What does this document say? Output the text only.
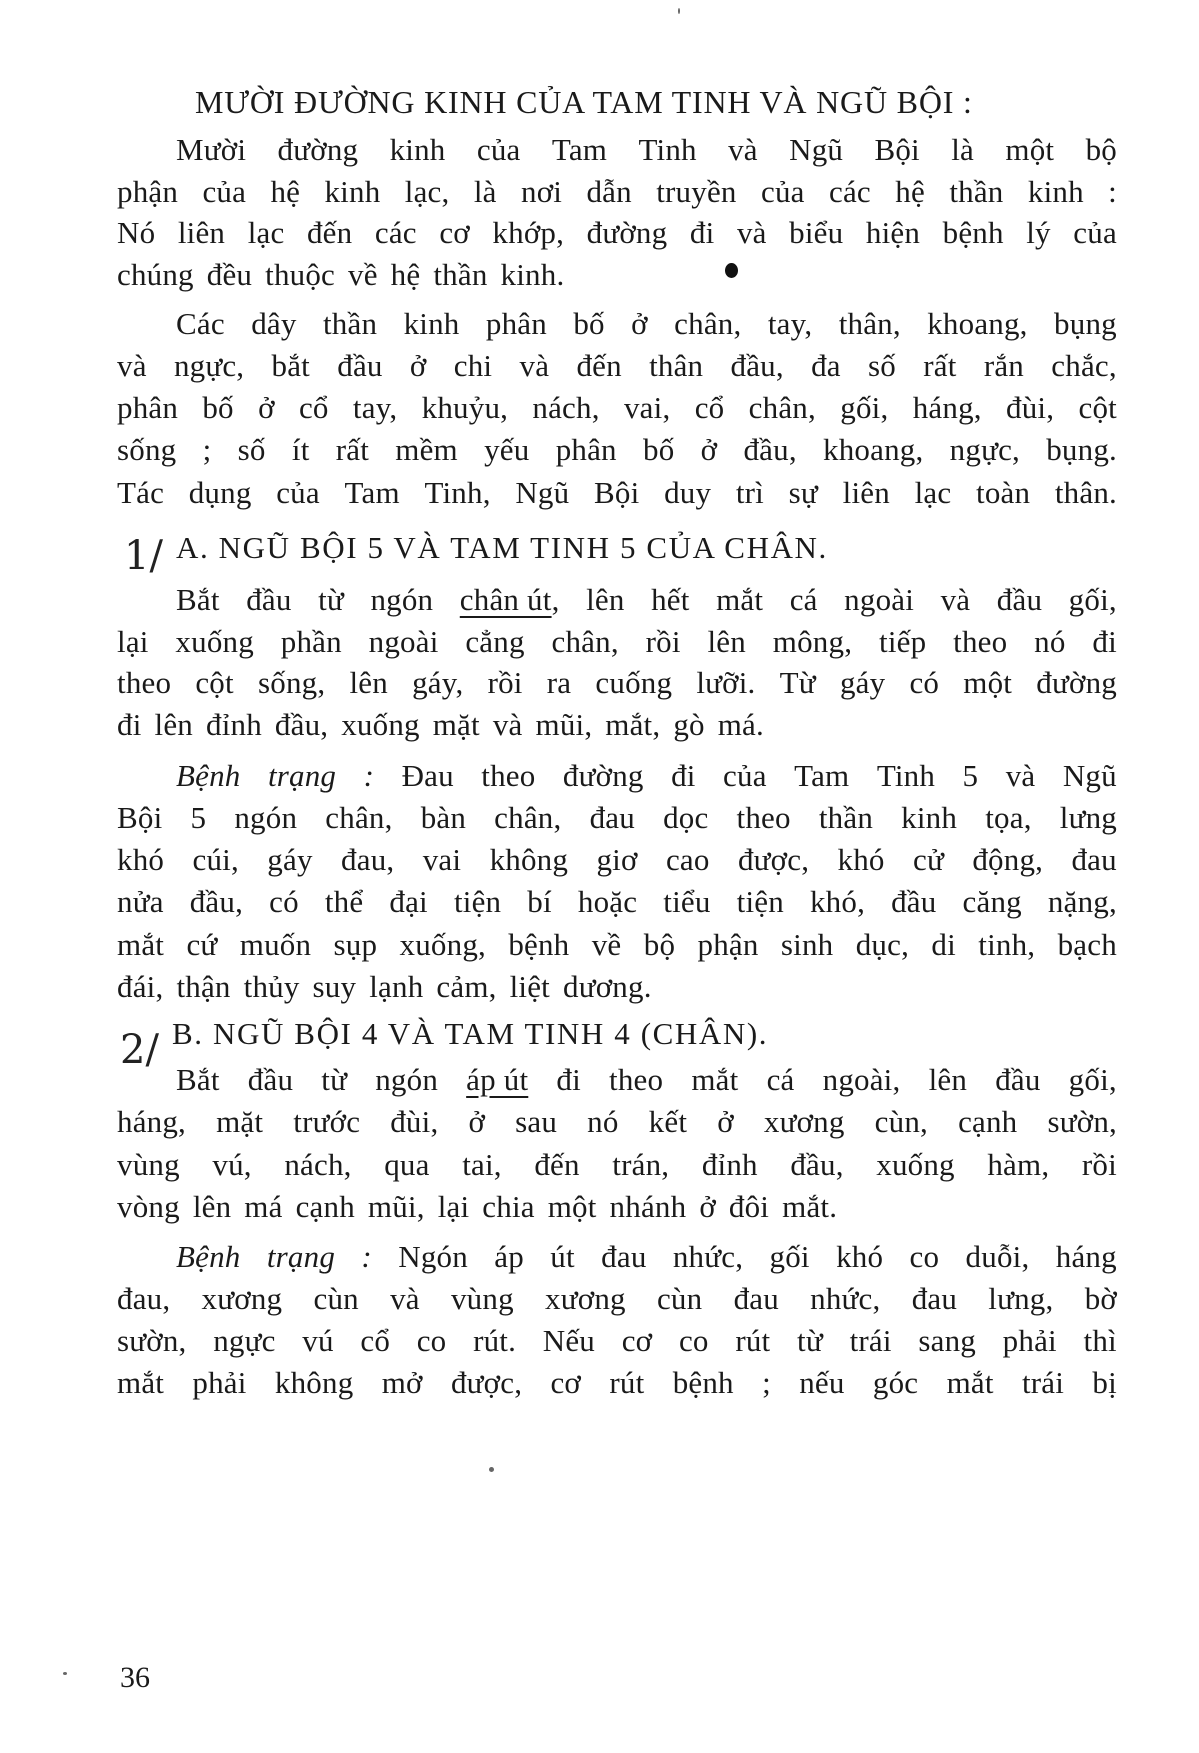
MƯỜI ĐƯỜNG KINH CỦA TAM TINH VÀ NGŨ BỘI :
Mười đường kinh của Tam Tinh và Ngũ Bội là một bộ
phận của hệ kinh lạc, là nơi dẫn truyền của các hệ thần kinh :
Nó liên lạc đến các cơ khớp, đường đi và biểu hiện bệnh lý của
chúng đều thuộc về hệ thần kinh.
Các dây thần kinh phân bố ở chân, tay, thân, khoang, bụng
và ngực, bắt đầu ở chi và đến thân đầu, đa số rất rắn chắc,
phân bố ở cổ tay, khuỷu, nách, vai, cổ chân, gối, háng, đùi, cột
sống ; số ít rất mềm yếu phân bố ở đầu, khoang, ngực, bụng.
Tác dụng của Tam Tinh, Ngũ Bội duy trì sự liên lạc toàn thân.
1/ A. NGŨ BỘI 5 VÀ TAM TINH 5 CỦA CHÂN.
Bắt đầu từ ngón chân út, lên hết mắt cá ngoài và đầu gối,
lại xuống phần ngoài cẳng chân, rồi lên mông, tiếp theo nó đi
theo cột sống, lên gáy, rồi ra cuống lưỡi. Từ gáy có một đường
đi lên đỉnh đầu, xuống mặt và mũi, mắt, gò má.
Bệnh trạng : Đau theo đường đi của Tam Tinh 5 và Ngũ
Bội 5 ngón chân, bàn chân, đau dọc theo thần kinh tọa, lưng
khó cúi, gáy đau, vai không giơ cao được, khó cử động, đau
nửa đầu, có thể đại tiện bí hoặc tiểu tiện khó, đầu căng nặng,
mắt cứ muốn sụp xuống, bệnh về bộ phận sinh dục, di tinh, bạch
đái, thận thủy suy lạnh cảm, liệt dương.
2/ B. NGŨ BỘI 4 VÀ TAM TINH 4 (CHÂN).
Bắt đầu từ ngón áp út đi theo mắt cá ngoài, lên đầu gối,
háng, mặt trước đùi, ở sau nó kết ở xương cùn, cạnh sườn,
vùng vú, nách, qua tai, đến trán, đỉnh đầu, xuống hàm, rồi
vòng lên má cạnh mũi, lại chia một nhánh ở đôi mắt.
Bệnh trạng : Ngón áp út đau nhức, gối khó co duỗi, háng
đau, xương cùn và vùng xương cùn đau nhức, đau lưng, bờ
sườn, ngực vú cổ co rút. Nếu cơ co rút từ trái sang phải thì
mắt phải không mở được, cơ rút bệnh ; nếu góc mắt trái bị
36
